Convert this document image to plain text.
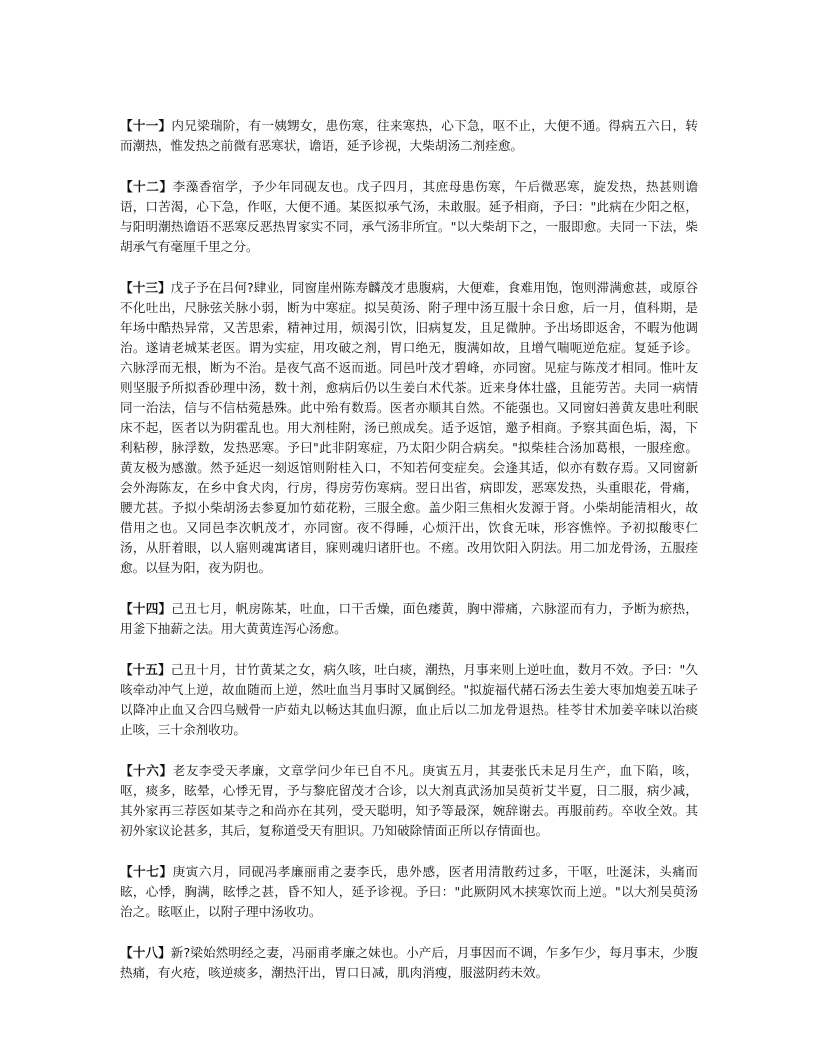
【十一】内兄梁瑞阶，有一姨甥女，患伤寒，往来寒热，心下急，呕不止，大便不通。得病五六日，转而潮热，惟发热之前微有恶寒状，谵语，延予诊视，大柴胡汤二剂痊愈。

【十二】李藻香宿学，予少年同砚友也。戊子四月，其庶母患伤寒，午后微恶寒，旋发热，热甚则谵语，口苦渴，心下急，作呕，大便不通。某医拟承气汤，未敢服。延予相商，予曰："此病在少阳之枢，与阳明潮热谵语不恶寒反恶热胃家实不同，承气汤非所宜。"以大柴胡下之，一服即愈。夫同一下法，柴胡承气有毫厘千里之分。

【十三】戊子予在吕何?肆业，同窗崖州陈寿麟茂才患腹病，大便难，食难用饱，饱则滞满愈甚，或原谷不化吐出，尺脉弦关脉小弱，断为中寒症。拟吴萸汤、附子理中汤互服十余日愈，后一月，值科期，是年场中酷热异常，又苦思索，精神过用，烦渴引饮，旧病复发，且足微肿。予出场即返舍，不暇为他调治。遂请老城某老医。谓为实症，用攻破之剂，胃口绝无，腹满如故，且增气喘呃逆危症。复延予诊。六脉浮而无根，断为不治。是夜气高不返而逝。同邑叶茂才碧峰，亦同窗。见症与陈茂才相同。惟叶友则坚服予所拟香砂理中汤，数十剂，愈病后仍以生姜白术代茶。近来身体壮盛，且能劳苦。夫同一病情同一治法，信与不信枯菀悬殊。此中殆有数焉。医者亦顺其自然。不能强也。又同窗妇善黄友患吐利眠床不起，医者以为阴霍乱也。用大剂桂附，汤已煎成矣。适予返馆，邀予相商。予察其面色垢，渴，下利粘秽，脉浮数，发热恶寒。予曰"此非阴寒症，乃太阳少阴合病矣。"拟柴桂合汤加葛根，一服痊愈。黄友极为感激。然予延迟一刻返馆则附桂入口，不知若何变症矣。会逢其适，似亦有数存焉。又同窗新会外海陈友，在乡中食犬肉，行房，得房劳伤寒病。翌日出省，病即发，恶寒发热，头重眼花，骨痛，腰尤甚。予拟小柴胡汤去参夏加竹茹花粉，三服全愈。盖少阳三焦相火发源于肾。小柴胡能清相火，故借用之也。又同邑李次帆茂才，亦同窗。夜不得睡，心烦汗出，饮食无味，形容憔悴。予初拟酸枣仁汤，从肝着眼，以人寤则魂寓诸目，寐则魂归诸肝也。不瘥。改用饮阳入阴法。用二加龙骨汤，五服痊愈。以昼为阳，夜为阴也。

【十四】己丑七月，帆房陈某，吐血，口干舌燥，面色痿黄，胸中滞痛，六脉涩而有力，予断为瘀热，用釜下抽薪之法。用大黄黄连泻心汤愈。

【十五】己丑十月，甘竹黄某之女，病久咳，吐白痰，潮热，月事来则上逆吐血，数月不效。予曰："久咳牵动冲气上逆，故血随而上逆，然吐血当月事时又属倒经。"拟旋福代赭石汤去生姜大枣加炮姜五味子以降冲止血又合四乌贼骨一庐茹丸以畅达其血归源，血止后以二加龙骨退热。桂苓甘术加姜辛味以治痰止咳，三十余剂收功。

【十六】老友李受天孝廉，文章学问少年已自不凡。庚寅五月，其妻张氏未足月生产，血下陷，咳，呕，痰多，眩晕，心悸无胃，予与黎庇留茂才合诊，以大剂真武汤加吴萸祈艾半夏，日二服，病少减，其外家再三荐医如某寺之和尚亦在其列，受天聪明，知予等最深，婉辞谢去。再服前药。卒收全效。其初外家议论甚多，其后，复称道受天有胆识。乃知破除情面正所以存情面也。

【十七】庚寅六月，同砚冯孝廉丽甫之妻李氏，患外感，医者用清散药过多，干呕，吐涎沫，头痛而眩，心悸，胸满，眩悸之甚，昏不知人，延予诊视。予曰："此厥阴风木挟寒饮而上逆。"以大剂吴萸汤治之。眩呕止，以附子理中汤收功。

【十八】新?梁始然明经之妻，冯丽甫孝廉之妹也。小产后，月事因而不调，乍多乍少，每月事末，少腹热痛，有火疮，咳逆痰多，潮热汗出，胃口日减，肌肉消瘦，服滋阴药未效。
